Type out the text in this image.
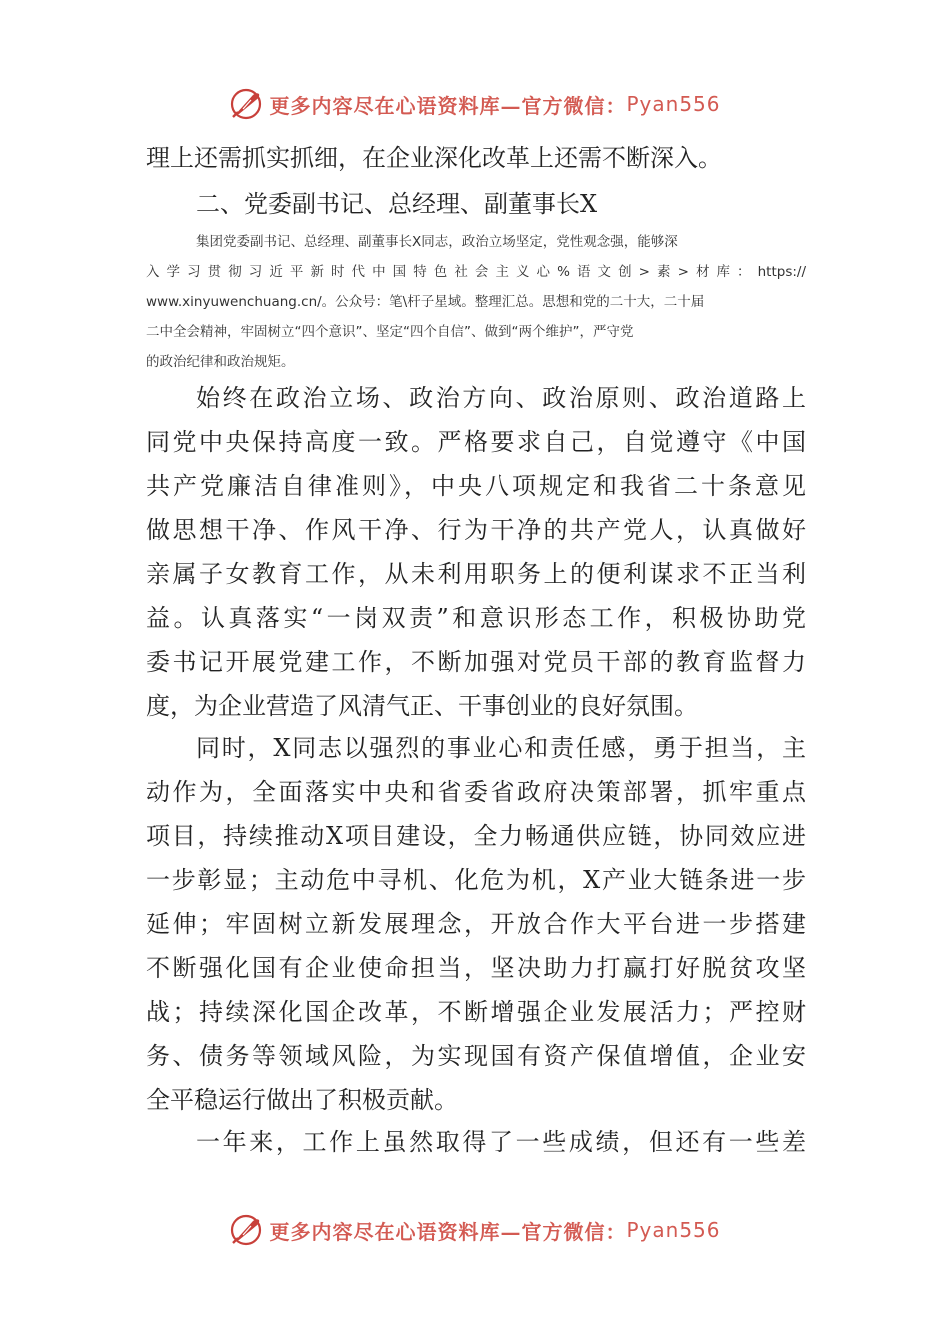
更多内容尽在心语资料库—官方微信： Pyan556
理上还需抓实抓细，在企业深化改革上还需不断深入。
二、党委副书记、总经理、副董事长X
集团党委副书记、总经理、副董事长X同志，政治立场坚定，党性观念强，能够深
入学习贯彻习近平新时代中国特色社会主义心%语文创>素>材库：https://
www.xinyuwenchuang.cn/。公众号：笔\杆子星域。整理汇总。思想和党的二十大，二十届
二中全会精神，牢固树立“四个意识”、坚定“四个自信”、做到“两个维护”，严守党
的政治纪律和政治规矩。
始终在政治立场、政治方向、政治原则、政治道路上
同党中央保持高度一致。严格要求自己，自觉遵守《中国
共产党廉洁自律准则》，中央八项规定和我省二十条意见
做思想干净、作风干净、行为干净的共产党人，认真做好
亲属子女教育工作，从未利用职务上的便利谋求不正当利
益。认真落实“一岗双责”和意识形态工作，积极协助党
委书记开展党建工作，不断加强对党员干部的教育监督力
度，为企业营造了风清气正、干事创业的良好氛围。
同时，X同志以强烈的事业心和责任感，勇于担当，主
动作为，全面落实中央和省委省政府决策部署，抓牢重点
项目，持续推动X项目建设，全力畅通供应链，协同效应进
一步彰显；主动危中寻机、化危为机，X产业大链条进一步
延伸；牢固树立新发展理念，开放合作大平台进一步搭建
不断强化国有企业使命担当，坚决助力打赢打好脱贫攻坚
战；持续深化国企改革，不断增强企业发展活力；严控财
务、债务等领域风险，为实现国有资产保值增值，企业安
全平稳运行做出了积极贡献。
一年来，工作上虽然取得了一些成绩，但还有一些差
更多内容尽在心语资料库—官方微信： Pyan556
